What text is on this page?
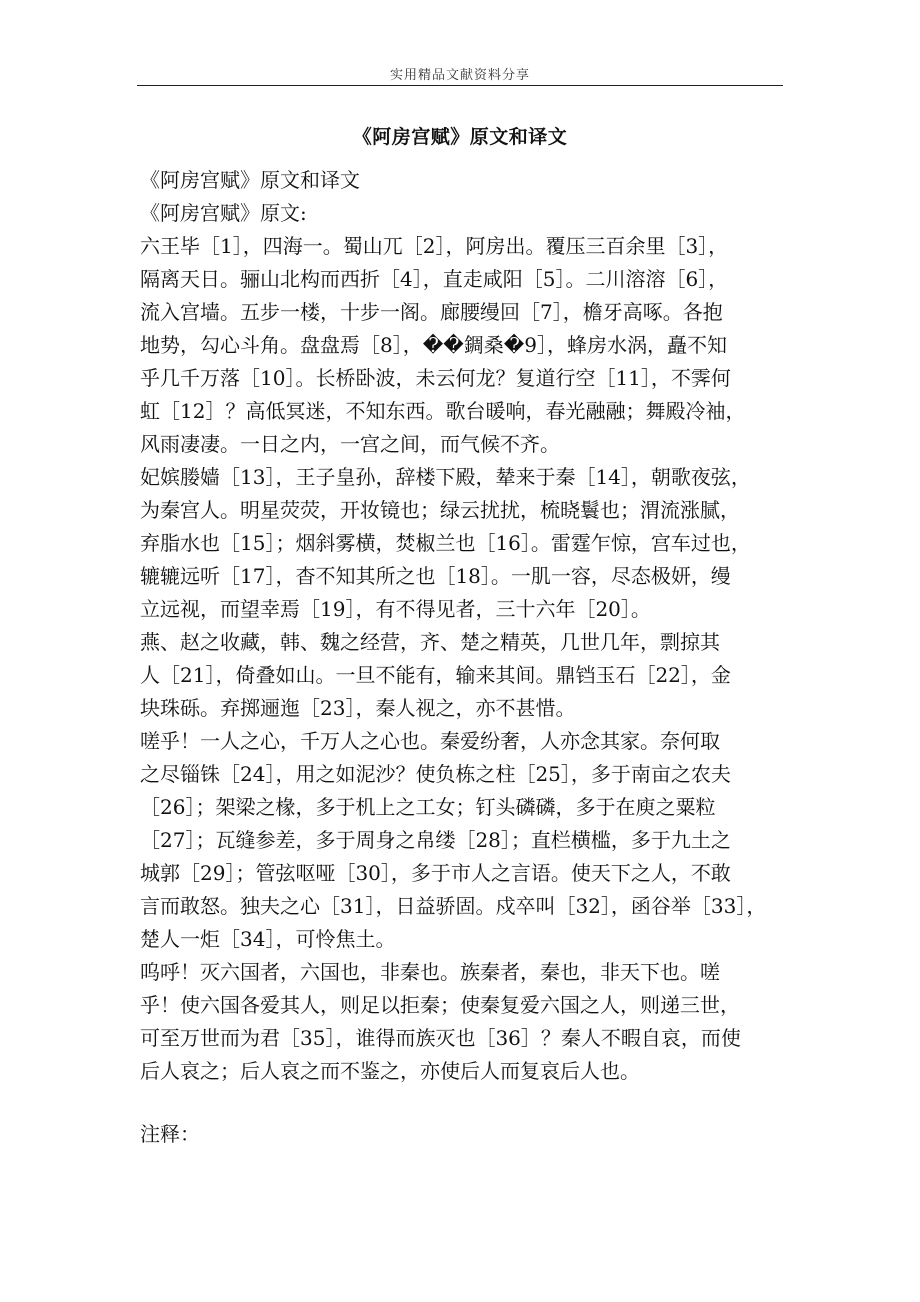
实用精品文献资料分享
《阿房宫赋》原文和译文
《阿房宫赋》原文和译文
《阿房宫赋》原文:
六王毕［1］，四海一。蜀山兀［2］，阿房出。覆压三百余里［3］，
隔离天日。骊山北构而西折［4］，直走咸阳［5］。二川溶溶［6］，
流入宫墙。五步一楼，十步一阁。廊腰缦回［7］，檐牙高啄。各抱
地势，勾心斗角。盘盘焉［8］，��錭桑�9］，蜂房水涡，矗不知
乎几千万落［10］。长桥卧波，未云何龙？复道行空［11］，不霁何
虹［12］？高低冥迷，不知东西。歌台暖响，春光融融；舞殿冷袖，
风雨凄凄。一日之内，一宫之间，而气候不齐。
妃嫔媵嫱［13］，王子皇孙，辞楼下殿，辇来于秦［14］，朝歌夜弦，
为秦宫人。明星荧荧，开妆镜也；绿云扰扰，梳晓鬟也；渭流涨腻，
弃脂水也［15］；烟斜雾横，焚椒兰也［16］。雷霆乍惊，宫车过也，
辘辘远听［17］，杳不知其所之也［18］。一肌一容，尽态极妍，缦
立远视，而望幸焉［19］，有不得见者，三十六年［20］。
燕、赵之收藏，韩、魏之经营，齐、楚之精英，几世几年，剽掠其
人［21］，倚叠如山。一旦不能有，输来其间。鼎铛玉石［22］，金
块珠砾。弃掷逦迤［23］，秦人视之，亦不甚惜。
嗟乎！一人之心，千万人之心也。秦爱纷奢，人亦念其家。奈何取
之尽锱铢［24］，用之如泥沙？使负栋之柱［25］，多于南亩之农夫
［26］；架梁之椽，多于机上之工女；钉头磷磷，多于在庾之粟粒
［27］；瓦缝参差，多于周身之帛缕［28］；直栏横槛，多于九土之
城郭［29］；管弦呕哑［30］，多于市人之言语。使天下之人，不敢
言而敢怒。独夫之心［31］，日益骄固。戍卒叫［32］，函谷举［33］，
楚人一炬［34］，可怜焦土。
呜呼！灭六国者，六国也，非秦也。族秦者，秦也，非天下也。嗟
乎！使六国各爱其人，则足以拒秦；使秦复爱六国之人，则递三世，
可至万世而为君［35］，谁得而族灭也［36］？秦人不暇自哀，而使
后人哀之；后人哀之而不鉴之，亦使后人而复哀后人也。
注释：
